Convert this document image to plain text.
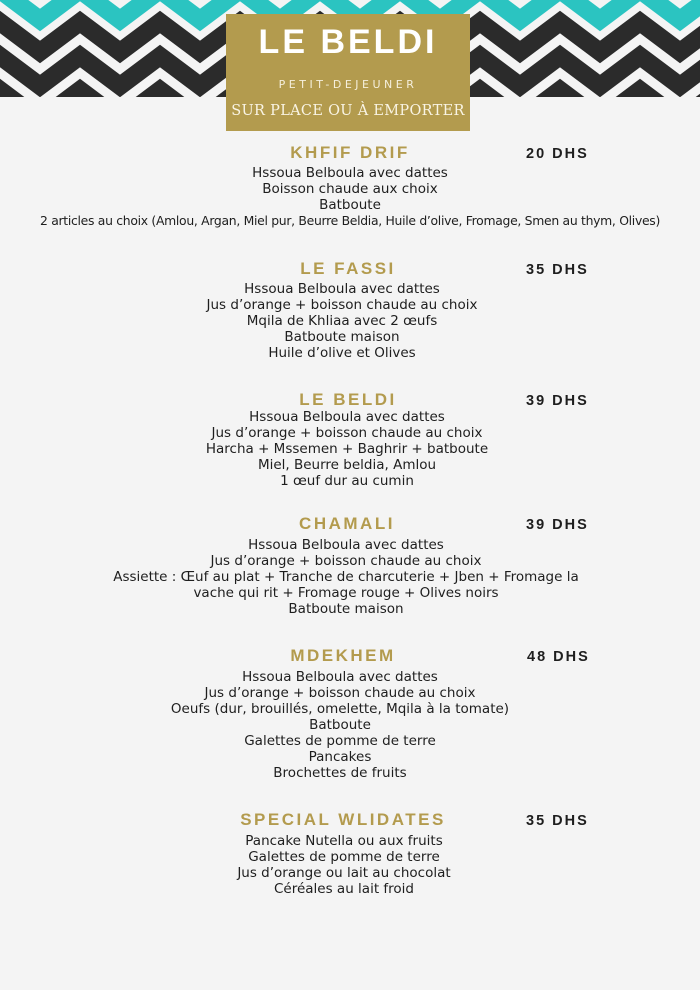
LE BELDI
PETIT-DEJEUNER
SUR PLACE OU À EMPORTER
KHFIF DRIF	20 DHS
Hssoua Belboula avec dattes
Boisson chaude aux choix
Batboute
2 articles au choix (Amlou, Argan, Miel pur, Beurre Beldia, Huile d’olive, Fromage, Smen au thym, Olives)
LE FASSI	35 DHS
Hssoua Belboula avec dattes
Jus d’orange + boisson chaude au choix
Mqila de Khliaa avec 2 œufs
Batboute maison
Huile d’olive et Olives
LE BELDI	39 DHS
Hssoua Belboula avec dattes
Jus d’orange + boisson chaude au choix
Harcha + Mssemen + Baghrir + batboute
Miel, Beurre beldia, Amlou
1 œuf dur au cumin
CHAMALI	39 DHS
Hssoua Belboula avec dattes
Jus d’orange + boisson chaude au choix
Assiette : Œuf au plat + Tranche de charcuterie + Jben + Fromage la
vache qui rit + Fromage rouge + Olives noirs
Batboute maison
MDEKHEM	48 DHS
Hssoua Belboula avec dattes
Jus d’orange + boisson chaude au choix
Oeufs (dur, brouillés, omelette, Mqila à la tomate)
Batboute
Galettes de pomme de terre
Pancakes
Brochettes de fruits
SPECIAL WLIDATES	35 DHS
Pancake Nutella ou aux fruits
Galettes de pomme de terre
Jus d’orange ou lait au chocolat
Céréales au lait froid
